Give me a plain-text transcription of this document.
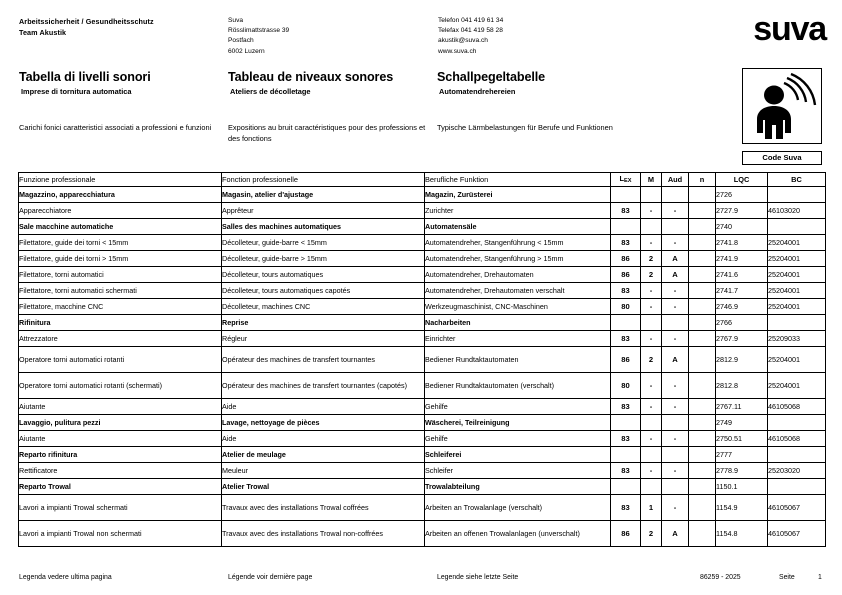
Arbeitssicherheit / Gesundheitsschutz
Team Akustik
Suva
Rösslimattstrasse 39
Postfach
6002 Luzern
Telefon 041 419 61 34
Telefax 041 419 58 28
akustik@suva.ch
www.suva.ch
suva
Tabella di livelli sonori
Imprese di tornitura automatica
Carichi fonici caratteristici associati a professioni e funzioni
Tableau de niveaux sonores
Ateliers de décolletage
Expositions au bruit caractéristiques pour des professions et des fonctions
Schallpegeltabelle
Automatendrehereien
Typische Lärmbelastungen für Berufe und Funktionen
Code Suva
Funzione professionale	Fonction professionelle	Berufliche Funktion	$L_{EX}$	M	Aud	n	LQC	BC
Magazzino, apparecchiatura	Magasin, atelier d'ajustage	Magazin, Zurüsterei					2726	
Apparecchiatore	Apprêteur	Zurichter	83	-	-		2727.9	46103020
Sale macchine automatiche	Salles des machines automatiques	Automatensäle					2740	
Filettatore, guide dei torni < 15mm	Décolleteur, guide-barre < 15mm	Automatendreher, Stangenführung < 15mm	83	-	-		2741.8	25204001
Filettatore, guide dei torni > 15mm	Décolleteur, guide-barre > 15mm	Automatendreher, Stangenführung > 15mm	86	2	A		2741.9	25204001
Filettatore, torni automatici	Décolleteur, tours automatiques	Automatendreher, Drehautomaten	86	2	A		2741.6	25204001
Filettatore, torni automatici schermati	Décolleteur, tours automatiques capotés	Automatendreher, Drehautomaten verschalt	83	-	-		2741.7	25204001
Filettatore, macchine CNC	Décolleteur, machines CNC	Werkzeugmaschinist, CNC-Maschinen	80	-	-		2746.9	25204001
Rifinitura	Reprise	Nacharbeiten					2766	
Attrezzatore	Régleur	Einrichter	83	-	-		2767.9	25209033
Operatore torni automatici rotanti	Opérateur des machines de transfert tournantes	Bediener Rundtaktautomaten	86	2	A		2812.9	25204001
Operatore torni automatici rotanti (schermati)	Opérateur des machines de transfert tournantes (capotés)	Bediener Rundtaktautomaten (verschalt)	80	-	-		2812.8	25204001
Aiutante	Aide	Gehilfe	83	-	-		2767.11	46105068
Lavaggio, pulitura pezzi	Lavage, nettoyage de pièces	Wäscherei, Teilreinigung					2749	
Aiutante	Aide	Gehilfe	83	-	-		2750.51	46105068
Reparto rifinitura	Atelier de meulage	Schleiferei					2777	
Rettificatore	Meuleur	Schleifer	83	-	-		2778.9	25203020
Reparto Trowal	Atelier Trowal	Trowalabteilung					1150.1	
Lavori a impianti Trowal schermati	Travaux avec des installations Trowal coffrées	Arbeiten an Trowalanlage (verschalt)	83	1	-		1154.9	46105067
Lavori a impianti Trowal non schermati	Travaux avec des installations Trowal non-coffrées	Arbeiten an offenen Trowalanlagen (unverschalt)	86	2	A		1154.8	46105067
Legenda vedere ultima pagina	Légende voir dernière page	Legende siehe letzte Seite	86259 - 2025	Seite	1
